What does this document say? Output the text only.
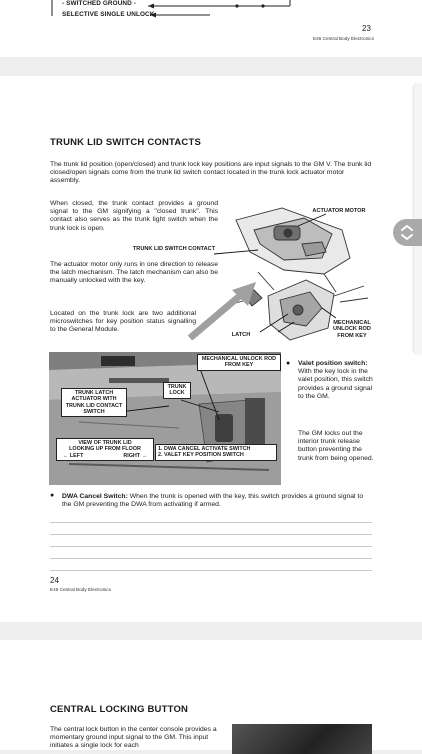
- SWITCHED GROUND -
SELECTIVE SINGLE UNLOCK
23
E46 Central Body Electronics
TRUNK LID SWITCH CONTACTS

The trunk lid position (open/closed) and trunk lock key positions are input signals to the GM V. The trunk lid closed/open signals come from the trunk lid switch contact located in the trunk lock actuator motor assembly.

When closed, the trunk contact provides a ground signal to the GM signifying a "closed trunk". This contact also serves as the trunk light switch when the trunk lock is open.

The actuator motor only runs in one direction to release the latch mechanism. The latch mechanism can also be manually unlocked with the key.

Located on the trunk lock are two additional microswitches for key position status signalling to the General Module.

ACTUATOR MOTOR
MECHANICAL UNLOCK ROD FROM KEY
LATCH
TRUNK LID SWITCH CONTACT
MECHANICAL UNLOCK ROD FROM KEY
TRUNK LATCH ACTUATOR WITH TRUNK LID CONTACT SWITCH
TRUNK LOCK
VIEW OF TRUNK LID
LOOKING UP FROM FLOOR
← LEFT	RIGHT →
1. DWA CANCEL ACTIVATE SWITCH
2. VALET KEY POSITION SWITCH
● Valet position switch: With the key lock in the valet position, this switch provides a ground signal to the GM.

The GM locks out the interior trunk release button preventing the trunk from being opened.

● DWA Cancel Switch: When the trunk is opened with the key, this switch provides a ground signal to the GM preventing the DWA from activating if armed.
24
E46 Central Body Electronics
CENTRAL LOCKING BUTTON

The central lock button in the center console provides a momentary ground input signal to the GM. This input initiates a single lock for each
